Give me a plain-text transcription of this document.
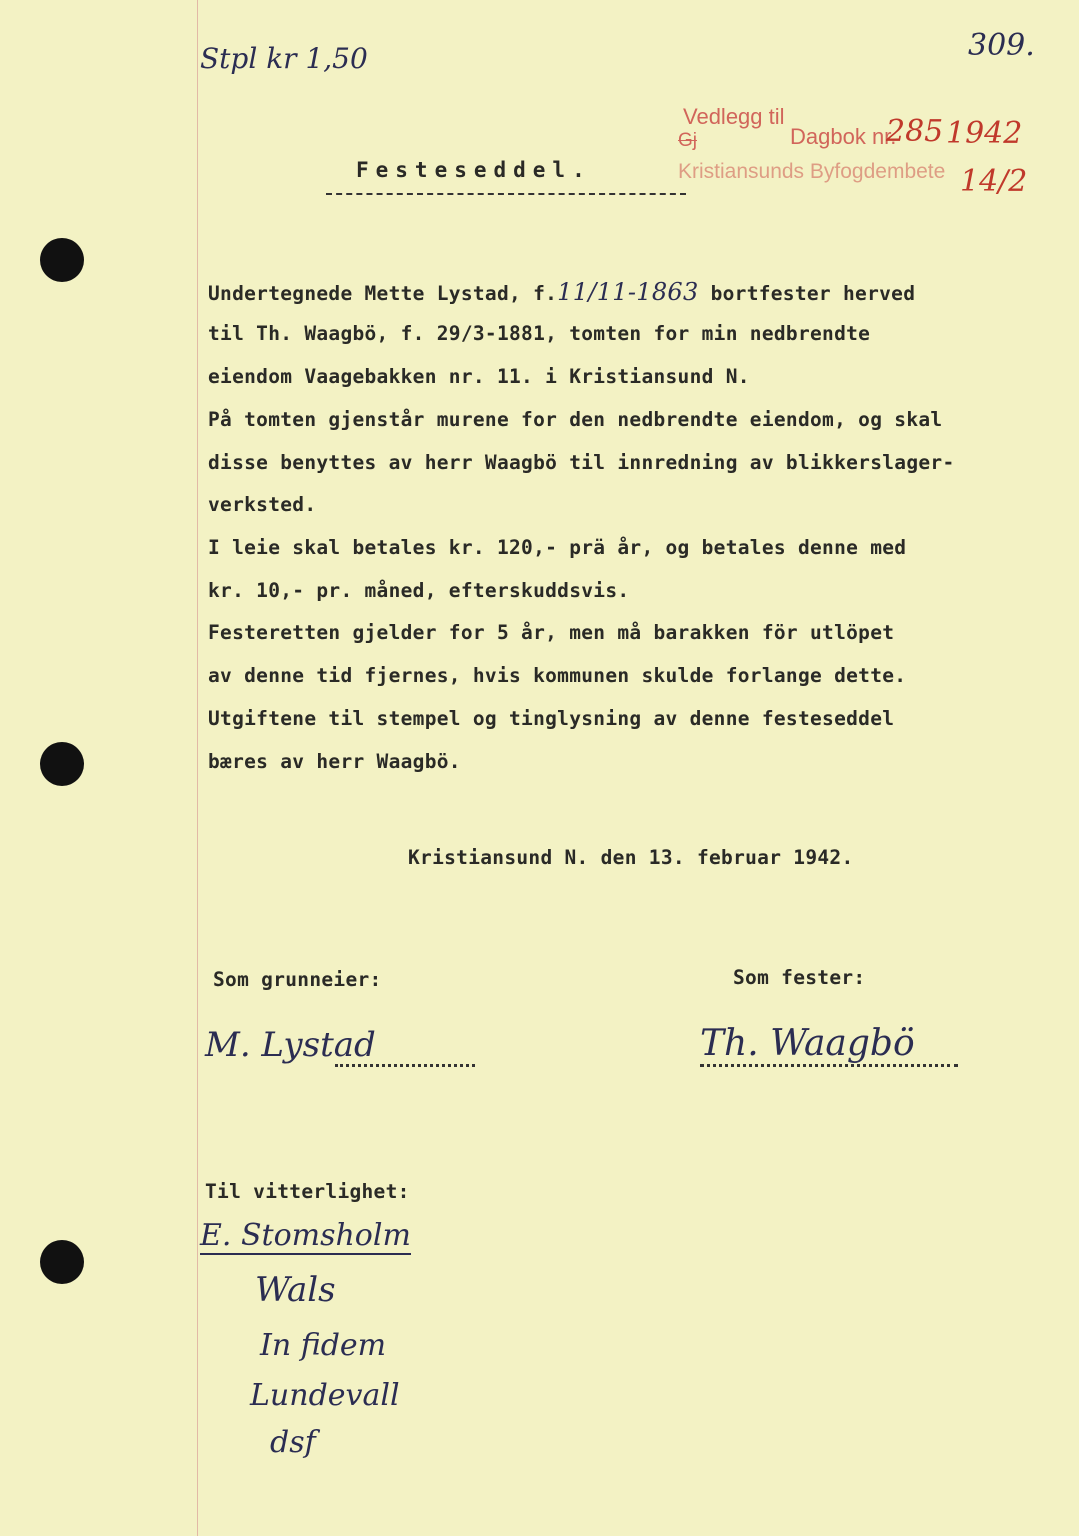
Stpl kr 1,50	309.
Vedlegg til
Gj	Dagbok nr.
285 1942
Kristiansunds Byfogdembete 14/2
Festeseddel.
Undertegnede Mette Lystad, f.11/11-1863 bortfester herved
til Th. Waagbö, f. 29/3-1881, tomten for min nedbrendte
eiendom Vaagebakken nr. 11. i Kristiansund N.
På tomten gjenstår murene for den nedbrendte eiendom, og skal
disse benyttes av herr Waagbö til innredning av blikkerslager-
verksted.
I leie skal betales kr. 120,- prä år, og betales denne med
kr. 10,- pr. måned, efterskuddsvis.
Festeretten gjelder for 5 år, men må barakken för utlöpet
av denne tid fjernes, hvis kommunen skulde forlange dette.
Utgiftene til stempel og tinglysning av denne festeseddel
bæres av herr Waagbö.
Kristiansund N. den 13. februar 1942.
Som grunneier:	Som fester:
M. Lystad	Th. Waagbö
Til vitterlighet:
E. Stomsholm
Wals
In fidem
Lundevall
dsf
